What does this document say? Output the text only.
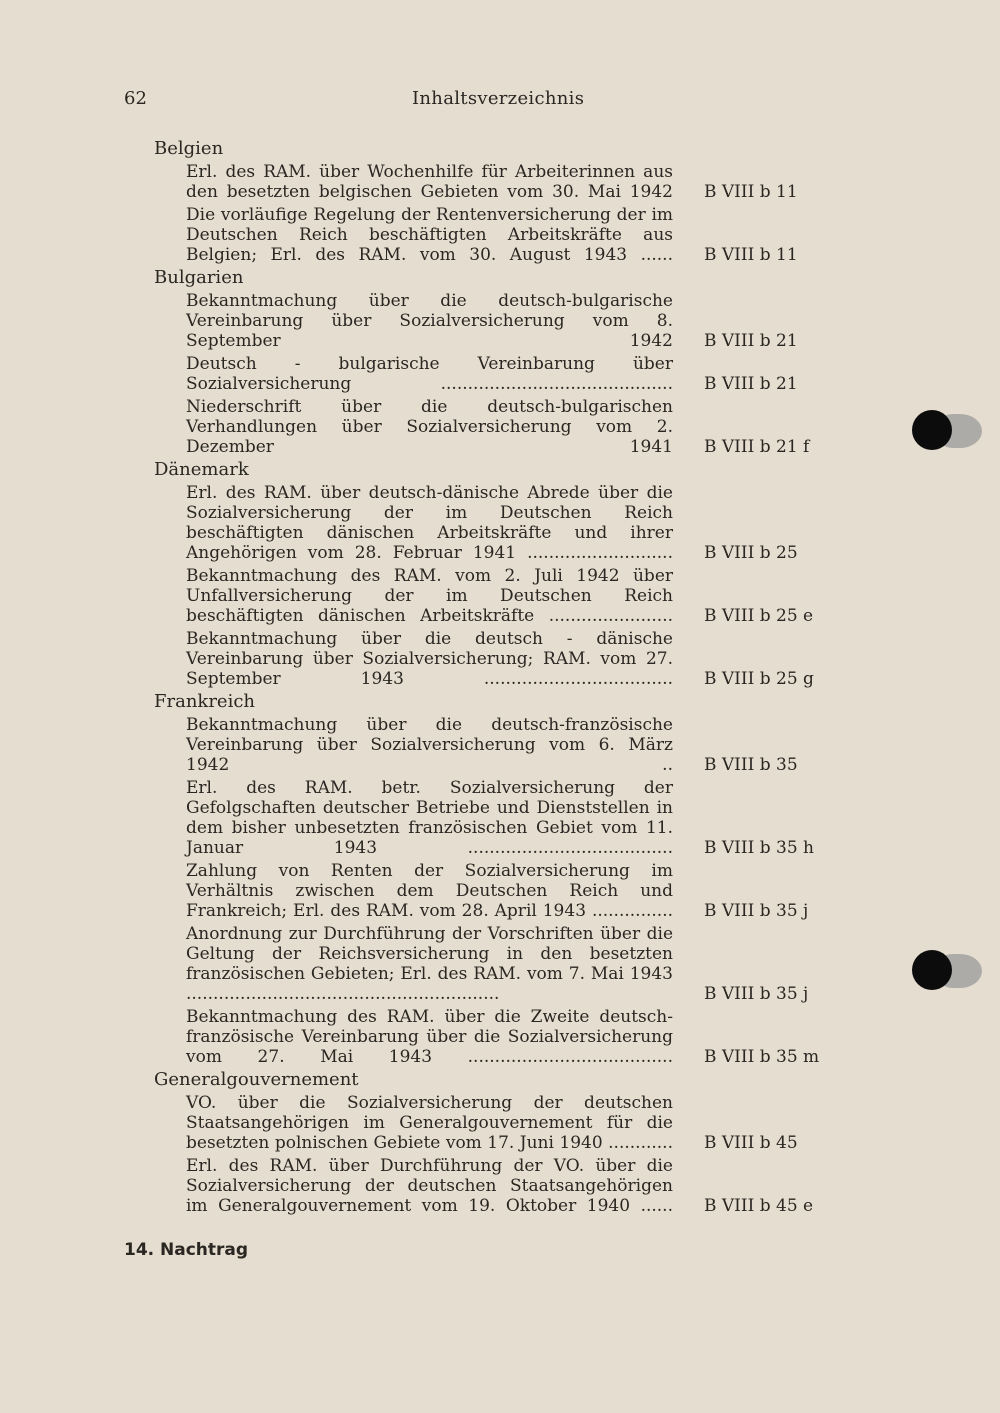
62	Inhaltsverzeichnis
Belgien
Erl. des RAM. über Wochenhilfe für Arbeiterinnen aus den besetzten belgischen Gebieten vom 30. Mai 1942 B VIII b 11
Die vorläufige Regelung der Rentenversicherung der im Deutschen Reich beschäftigten Arbeitskräfte aus Belgien; Erl. des RAM. vom 30. August 1943 ...... B VIII b 11
Bulgarien
Bekanntmachung über die deutsch-bulgarische Vereinbarung über Sozialversicherung vom 8. September 1942 B VIII b 21
Deutsch - bulgarische Vereinbarung über Sozialversicherung ........................................... B VIII b 21
Niederschrift über die deutsch-bulgarischen Verhandlungen über Sozialversicherung vom 2. Dezember 1941 B VIII b 21 f
Dänemark
Erl. des RAM. über deutsch-dänische Abrede über die Sozialversicherung der im Deutschen Reich beschäftigten dänischen Arbeitskräfte und ihrer Angehörigen vom 28. Februar 1941 ........................... B VIII b 25
Bekanntmachung des RAM. vom 2. Juli 1942 über Unfallversicherung der im Deutschen Reich beschäftigten dänischen Arbeitskräfte ....................... B VIII b 25 e
Bekanntmachung über die deutsch - dänische Vereinbarung über Sozialversicherung; RAM. vom 27. September 1943 ................................... B VIII b 25 g
Frankreich
Bekanntmachung über die deutsch-französische Vereinbarung über Sozialversicherung vom 6. März 1942 .. B VIII b 35
Erl. des RAM. betr. Sozialversicherung der Gefolgschaften deutscher Betriebe und Dienststellen in dem bisher unbesetzten französischen Gebiet vom 11. Januar 1943 ...................................... B VIII b 35 h
Zahlung von Renten der Sozialversicherung im Verhältnis zwischen dem Deutschen Reich und Frankreich; Erl. des RAM. vom 28. April 1943 ............... B VIII b 35 j
Anordnung zur Durchführung der Vorschriften über die Geltung der Reichsversicherung in den besetzten französischen Gebieten; Erl. des RAM. vom 7. Mai 1943 ..........................................................	B VIII b 35 j
Bekanntmachung des RAM. über die Zweite deutsch-französische Vereinbarung über die Sozialversicherung vom 27. Mai 1943 ...................................... B VIII b 35 m
Generalgouvernement
VO. über die Sozialversicherung der deutschen Staatsangehörigen im Generalgouvernement für die besetzten polnischen Gebiete vom 17. Juni 1940 ............ B VIII b 45
Erl. des RAM. über Durchführung der VO. über die Sozialversicherung der deutschen Staatsangehörigen im Generalgouvernement vom 19. Oktober 1940 ...... B VIII b 45 e
14. Nachtrag
